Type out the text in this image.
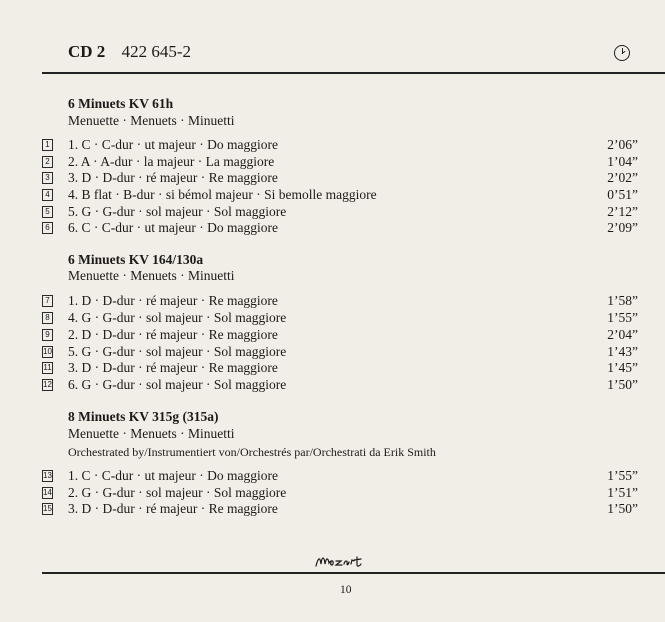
CD 2 422 645-2
6 Minuets KV 61h
Menuette · Menuets · Minuetti
1 1. C · C-dur · ut majeur · Do maggiore	2’06”
2 2. A · A-dur · la majeur · La maggiore	1’04”
3 3. D · D-dur · ré majeur · Re maggiore	2’02”
4 4. B flat · B-dur · si bémol majeur · Si bemolle maggiore	0’51”
5 5. G · G-dur · sol majeur · Sol maggiore	2’12”
6 6. C · C-dur · ut majeur · Do maggiore	2’09”
6 Minuets KV 164/130a
Menuette · Menuets · Minuetti
7 1. D · D-dur · ré majeur · Re maggiore	1’58”
8 4. G · G-dur · sol majeur · Sol maggiore	1’55”
9 2. D · D-dur · ré majeur · Re maggiore	2’04”
10 5. G · G-dur · sol majeur · Sol maggiore	1’43”
11 3. D · D-dur · ré majeur · Re maggiore	1’45”
12 6. G · G-dur · sol majeur · Sol maggiore	1’50”
8 Minuets KV 315g (315a)
Menuette · Menuets · Minuetti
Orchestrated by/Instrumentiert von/Orchestrés par/Orchestrati da Erik Smith
13 1. C · C-dur · ut majeur · Do maggiore	1’55”
14 2. G · G-dur · sol majeur · Sol maggiore	1’51”
15 3. D · D-dur · ré majeur · Re maggiore	1’50”
10
